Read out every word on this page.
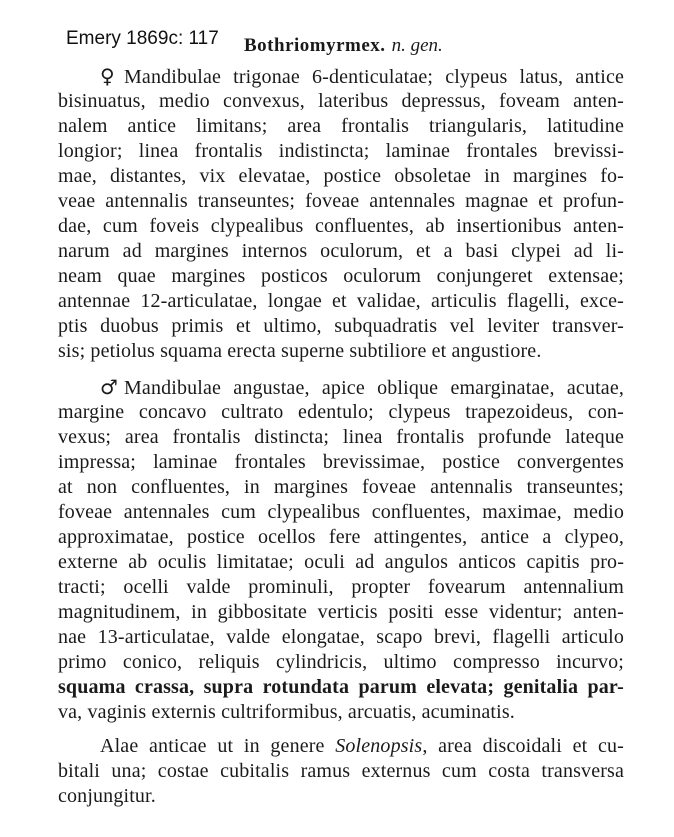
Emery 1869c: 117 Bothriomyrmex. n. gen.
♀ Mandibulae trigonae 6-denticulatae; clypeus latus, antice
bisinuatus, medio convexus, lateribus depressus, foveam anten-
nalem antice limitans; area frontalis triangularis, latitudine
longior; linea frontalis indistincta; laminae frontales brevissi-
mae, distantes, vix elevatae, postice obsoletae in margines fo-
veae antennalis transeuntes; foveae antennales magnae et profun-
dae, cum foveis clypealibus confluentes, ab insertionibus anten-
narum ad margines internos oculorum, et a basi clypei ad li-
neam quae margines posticos oculorum conjungeret extensae;
antennae 12-articulatae, longae et validae, articulis flagelli, exce-
ptis duobus primis et ultimo, subquadratis vel leviter transver-
sis; petiolus squama erecta superne subtiliore et angustiore.
♂ Mandibulae angustae, apice oblique emarginatae, acutae,
margine concavo cultrato edentulo; clypeus trapezoideus, con-
vexus; area frontalis distincta; linea frontalis profunde lateque
impressa; laminae frontales brevissimae, postice convergentes
at non confluentes, in margines foveae antennalis transeuntes;
foveae antennales cum clypealibus confluentes, maximae, medio
approximatae, postice ocellos fere attingentes, antice a clypeo,
externe ab oculis limitatae; oculi ad angulos anticos capitis pro-
tracti; ocelli valde prominuli, propter fovearum antennalium
magnitudinem, in gibbositate verticis positi esse videntur; anten-
nae 13-articulatae, valde elongatae, scapo brevi, flagelli articulo
primo conico, reliquis cylindricis, ultimo compresso incurvo;
squama crassa, supra rotundata parum elevata; genitalia par-
va, vaginis externis cultriformibus, arcuatis, acuminatis.
Alae anticae ut in genere Solenopsis, area discoidali et cu-
bitali una; costae cubitalis ramus externus cum costa transversa
conjungitur.
